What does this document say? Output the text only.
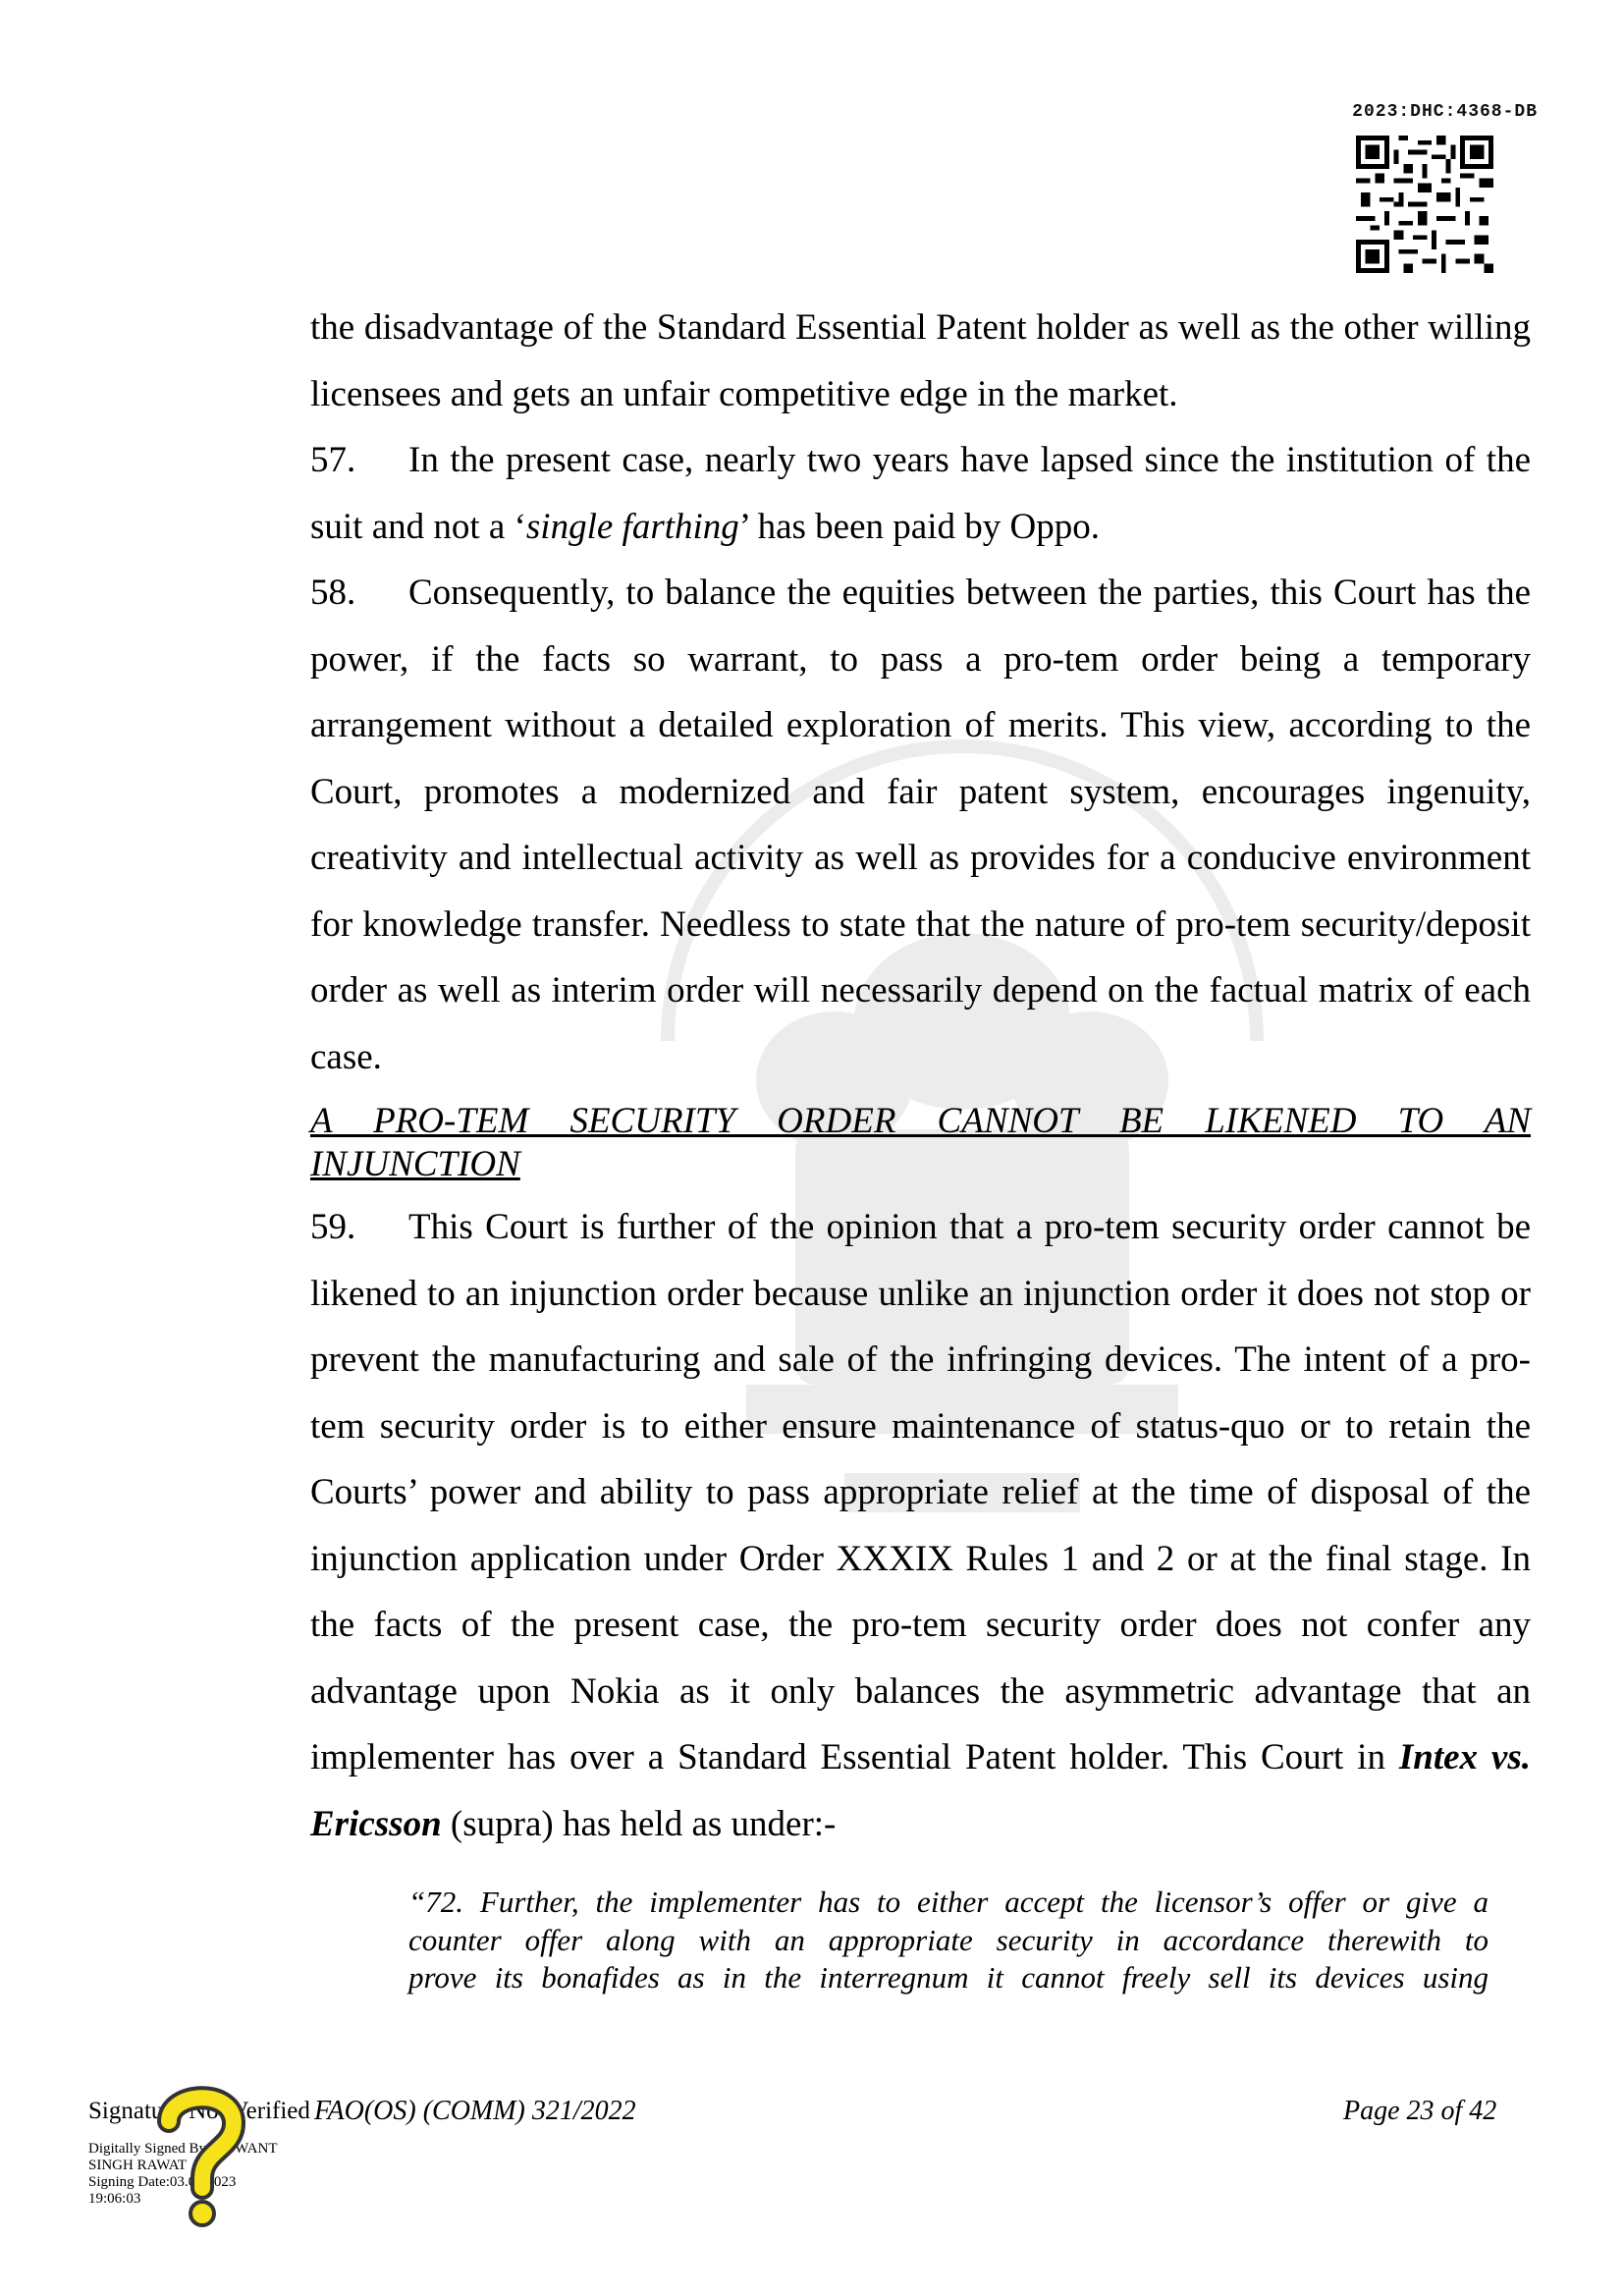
2023:DHC:4368-DB

the disadvantage of the Standard Essential Patent holder as well as the other willing licensees and gets an unfair competitive edge in the market.

57. In the present case, nearly two years have lapsed since the institution of the suit and not a ‘single farthing’ has been paid by Oppo.

58. Consequently, to balance the equities between the parties, this Court has the power, if the facts so warrant, to pass a pro-tem order being a temporary arrangement without a detailed exploration of merits. This view, according to the Court, promotes a modernized and fair patent system, encourages ingenuity, creativity and intellectual activity as well as provides for a conducive environment for knowledge transfer. Needless to state that the nature of pro-tem security/deposit order as well as interim order will necessarily depend on the factual matrix of each case.

A PRO-TEM SECURITY ORDER CANNOT BE LIKENED TO AN
INJUNCTION

59. This Court is further of the opinion that a pro-tem security order cannot be likened to an injunction order because unlike an injunction order it does not stop or prevent the manufacturing and sale of the infringing devices. The intent of a pro-tem security order is to either ensure maintenance of status-quo or to retain the Courts’ power and ability to pass appropriate relief at the time of disposal of the injunction application under Order XXXIX Rules 1 and 2 or at the final stage. In the facts of the present case, the pro-tem security order does not confer any advantage upon Nokia as it only balances the asymmetric advantage that an implementer has over a Standard Essential Patent holder. This Court in Intex vs. Ericsson (supra) has held as under:-

“72. Further, the implementer has to either accept the licensor’s offer or give a
counter offer along with an appropriate security in accordance therewith to
prove its bonafides as in the interregnum it cannot freely sell its devices using
Signature Not Verified FAO(OS) (COMM) 321/2022	Page 23 of 42
Digitally Signed By:JASWANT
SINGH RAWAT
Signing Date:03.07.2023
19:06:03
